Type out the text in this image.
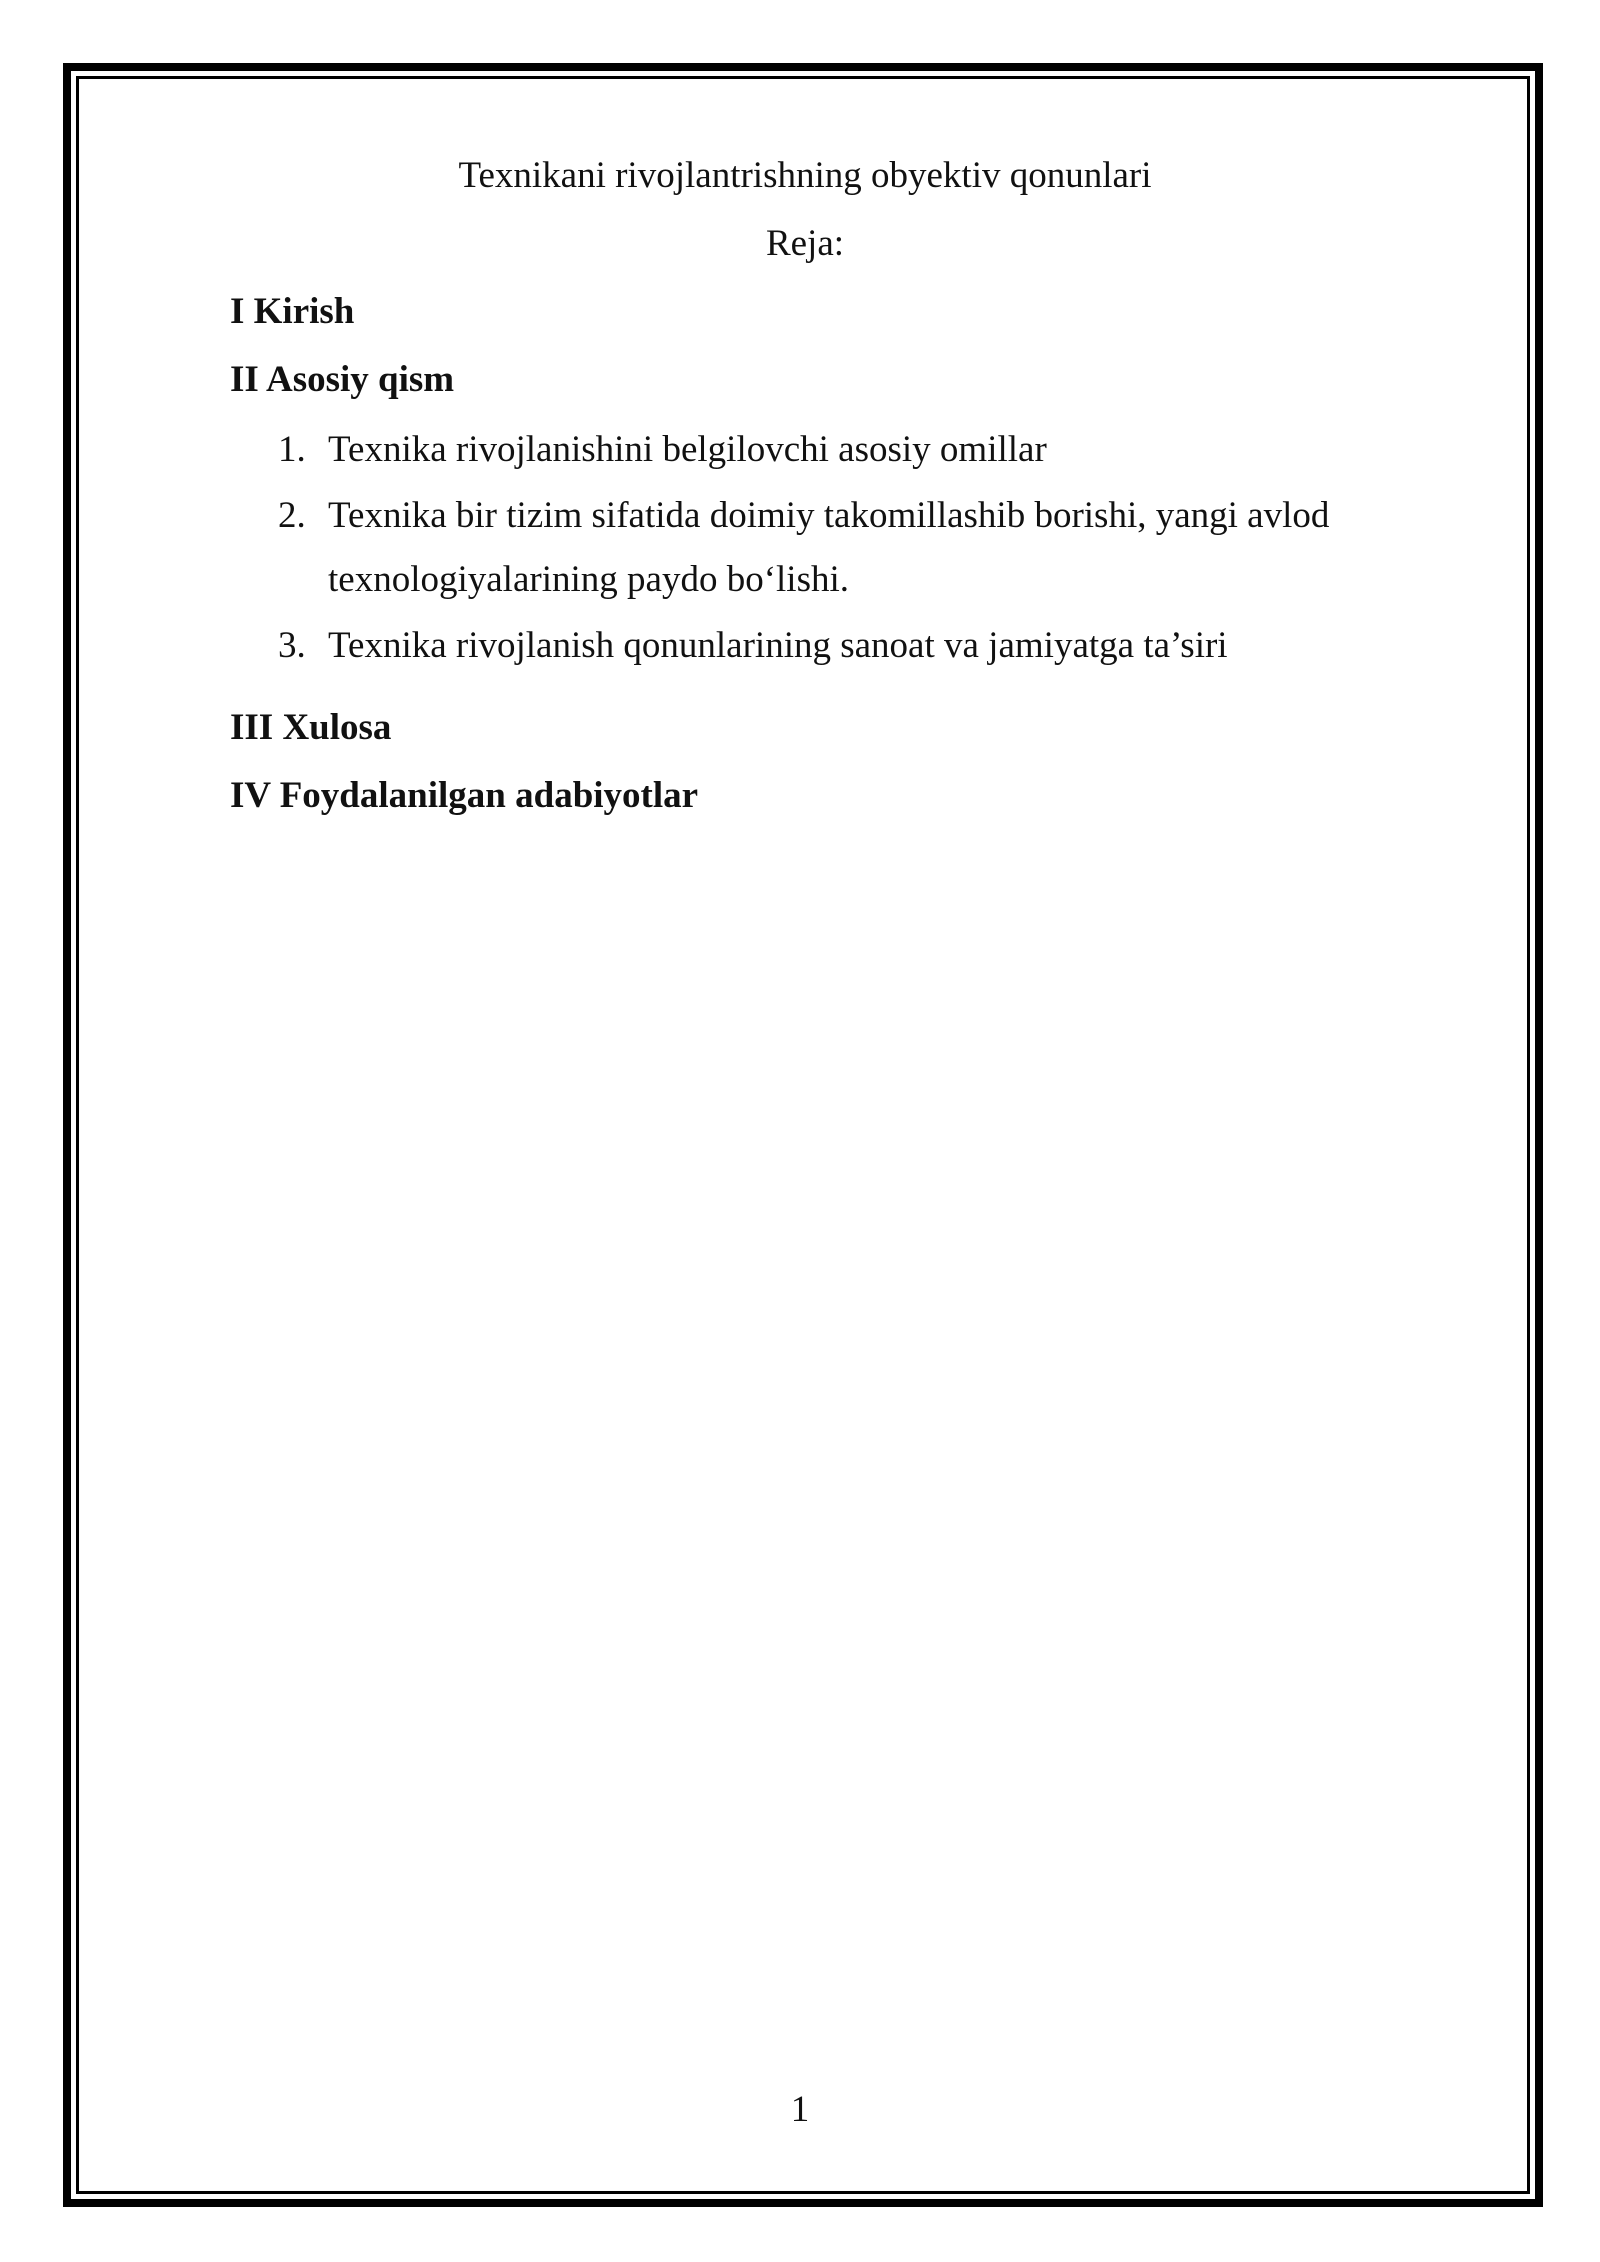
Texnikani rivojlantrishning obyektiv qonunlari
Reja:
I Kirish
II Asosiy qism
1. Texnika rivojlanishini belgilovchi asosiy omillar
2. Texnika bir tizim sifatida doimiy takomillashib borishi, yangi avlod texnologiyalarining paydo bo‘lishi.
3. Texnika rivojlanish qonunlarining sanoat va jamiyatga ta’siri
III Xulosa
IV Foydalanilgan adabiyotlar
1
